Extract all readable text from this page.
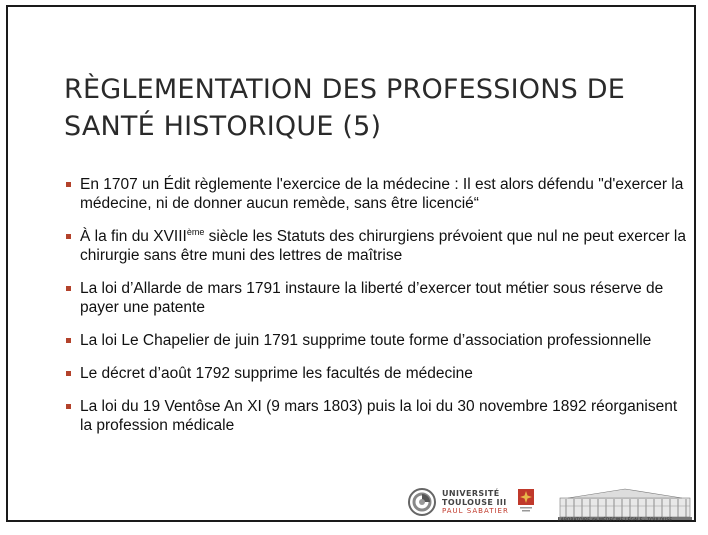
RÈGLEMENTATION DES PROFESSIONS DE
SANTÉ HISTORIQUE (5)
En 1707 un Édit règlemente l'exercice de la médecine : Il est alors défendu "d'exercer la médecine, ni de donner aucun remède, sans être licencié“
À la fin du XVIIIème siècle les Statuts des chirurgiens prévoient que nul ne peut exercer la chirurgie sans être muni des lettres de maîtrise
La loi d’Allarde de mars 1791 instaure la liberté d’exercer tout métier sous réserve de payer une patente
La loi Le Chapelier de juin 1791 supprime toute forme d’association professionnelle
Le décret d’août 1792 supprime les facultés de médecine
La loi du 19 Ventôse An XI (9 mars 1803) puis la loi du 30 novembre 1892 réorganisent la profession médicale
UNIVERSITÉ
TOULOUSE III
PAUL SABATIER
LABORATOIRE de MÉDECINE LÉGALE · TOULOUSE
